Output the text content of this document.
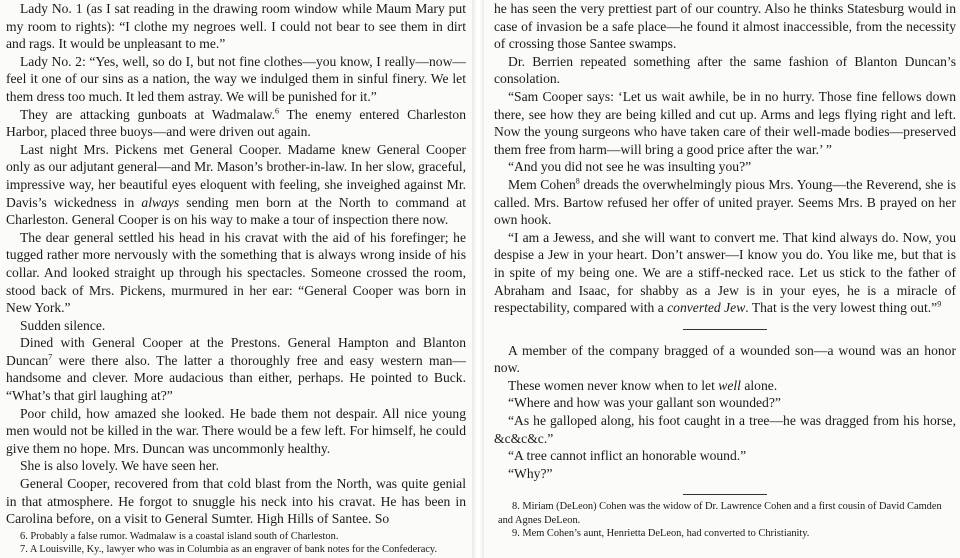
Lady No. 1 (as I sat reading in the drawing room window while Maum Mary put my room to rights): “I clothe my negroes well. I could not bear to see them in dirt and rags. It would be unpleasant to me.”

Lady No. 2: “Yes, well, so do I, but not fine clothes—you know, I really—now—feel it one of our sins as a nation, the way we indulged them in sinful finery. We let them dress too much. It led them astray. We will be punished for it.”

They are attacking gunboats at Wadmalaw.$^6$ The enemy entered Charleston Harbor, placed three buoys—and were driven out again.

Last night Mrs. Pickens met General Cooper. Madame knew General Cooper only as our adjutant general—and Mr. Mason’s brother-in-law. In her slow, graceful, impressive way, her beautiful eyes eloquent with feeling, she inveighed against Mr. Davis’s wickedness in always sending men born at the North to command at Charleston. General Cooper is on his way to make a tour of inspection there now.

The dear general settled his head in his cravat with the aid of his forefinger; he tugged rather more nervously with the something that is always wrong inside of his collar. And looked straight up through his spectacles. Someone crossed the room, stood back of Mrs. Pickens, murmured in her ear: “General Cooper was born in New York.”

Sudden silence.

Dined with General Cooper at the Prestons. General Hampton and Blanton Duncan$^7$ were there also. The latter a thoroughly free and easy western man—handsome and clever. More audacious than either, perhaps. He pointed to Buck. “What’s that girl laughing at?”

Poor child, how amazed she looked. He bade them not despair. All nice young men would not be killed in the war. There would be a few left. For himself, he could give them no hope. Mrs. Duncan was uncommonly healthy.

She is also lovely. We have seen her.

General Cooper, recovered from that cold blast from the North, was quite genial in that atmosphere. He forgot to snuggle his neck into his cravat. He has been in Carolina before, on a visit to General Sumter. High Hills of Santee. So

6. Probably a false rumor. Wadmalaw is a coastal island south of Charleston.

7. A Louisville, Ky., lawyer who was in Columbia as an engraver of bank notes for the Confederacy.

he has seen the very prettiest part of our country. Also he thinks Statesburg would in case of invasion be a safe place—he found it almost inaccessible, from the necessity of crossing those Santee swamps.

Dr. Berrien repeated something after the same fashion of Blanton Duncan’s consolation.

“Sam Cooper says: ‘Let us wait awhile, be in no hurry. Those fine fellows down there, see how they are being killed and cut up. Arms and legs flying right and left. Now the young surgeons who have taken care of their well-made bodies—preserved them free from harm—will bring a good price after the war.’ ”

“And you did not see he was insulting you?”

Mem Cohen$^8$ dreads the overwhelmingly pious Mrs. Young—the Reverend, she is called. Mrs. Bartow refused her offer of united prayer. Seems Mrs. B prayed on her own hook.

“I am a Jewess, and she will want to convert me. That kind always do. Now, you despise a Jew in your heart. Don’t answer—I know you do. You like me, but that is in spite of my being one. We are a stiff-necked race. Let us stick to the father of Abraham and Isaac, for shabby as a Jew is in your eyes, he is a miracle of respectability, compared with a converted Jew. That is the very lowest thing out.”$^9$

A member of the company bragged of a wounded son—a wound was an honor now.

These women never know when to let well alone.

“Where and how was your gallant son wounded?”

“As he galloped along, his foot caught in a tree—he was dragged from his horse, &c&c&c.”

“A tree cannot inflict an honorable wound.”

“Why?”

8. Miriam (DeLeon) Cohen was the widow of Dr. Lawrence Cohen and a first cousin of David Camden and Agnes DeLeon.

9. Mem Cohen’s aunt, Henrietta DeLeon, had converted to Christianity.
